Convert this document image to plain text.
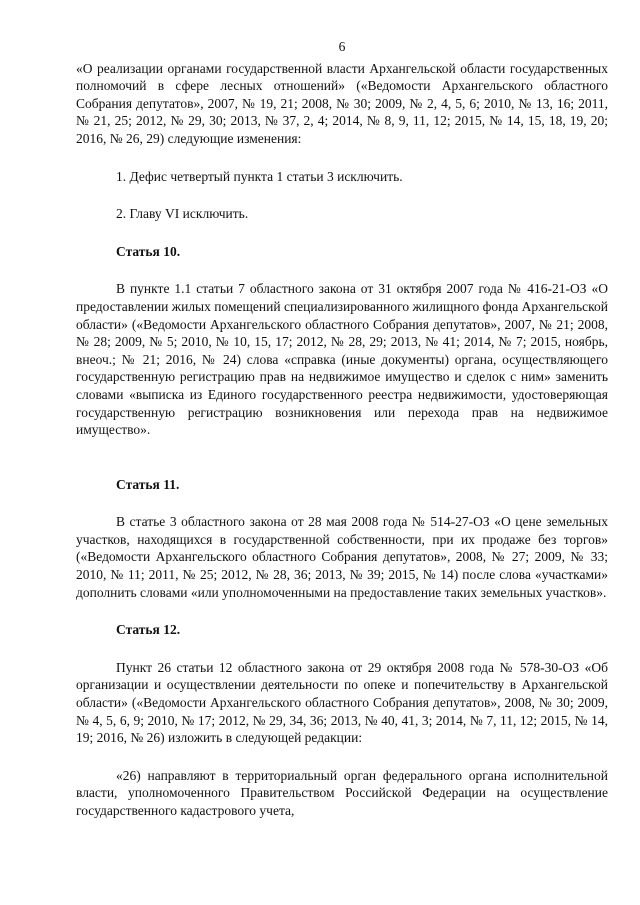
6

«О реализации органами государственной власти Архангельской области государственных полномочий в сфере лесных отношений» («Ведомости Архангельского областного Собрания депутатов», 2007, № 19, 21; 2008, № 30; 2009, № 2, 4, 5, 6; 2010, № 13, 16; 2011, № 21, 25; 2012, № 29, 30; 2013, № 37, 2, 4; 2014, № 8, 9, 11, 12; 2015, № 14, 15, 18, 19, 20; 2016, № 26, 29) следующие изменения:

1. Дефис четвертый пункта 1 статьи 3 исключить.

2. Главу VI исключить.

Статья 10.

В пункте 1.1 статьи 7 областного закона от 31 октября 2007 года № 416-21-ОЗ «О предоставлении жилых помещений специализированного жилищного фонда Архангельской области» («Ведомости Архангельского областного Собрания депутатов», 2007, № 21; 2008, № 28; 2009, № 5; 2010, № 10, 15, 17; 2012, № 28, 29; 2013, № 41; 2014, № 7; 2015, ноябрь, внеоч.; № 21; 2016, № 24) слова «справка (иные документы) органа, осуществляющего государственную регистрацию прав на недвижимое имущество и сделок с ним» заменить словами «выписка из Единого государственного реестра недвижимости, удостоверяющая государственную регистрацию возникновения или перехода прав на недвижимое имущество».

Статья 11.

В статье 3 областного закона от 28 мая 2008 года № 514-27-ОЗ «О цене земельных участков, находящихся в государственной собственности, при их продаже без торгов» («Ведомости Архангельского областного Собрания депутатов», 2008, № 27; 2009, № 33; 2010, № 11; 2011, № 25; 2012, № 28, 36; 2013, № 39; 2015, № 14) после слова «участками» дополнить словами «или уполномоченными на предоставление таких земельных участков».

Статья 12.

Пункт 26 статьи 12 областного закона от 29 октября 2008 года № 578-30-ОЗ «Об организации и осуществлении деятельности по опеке и попечительству в Архангельской области» («Ведомости Архангельского областного Собрания депутатов», 2008, № 30; 2009, № 4, 5, 6, 9; 2010, № 17; 2012, № 29, 34, 36; 2013, № 40, 41, 3; 2014, № 7, 11, 12; 2015, № 14, 19; 2016, № 26) изложить в следующей редакции:

«26) направляют в территориальный орган федерального органа исполнительной власти, уполномоченного Правительством Российской Федерации на осуществление государственного кадастрового учета,
